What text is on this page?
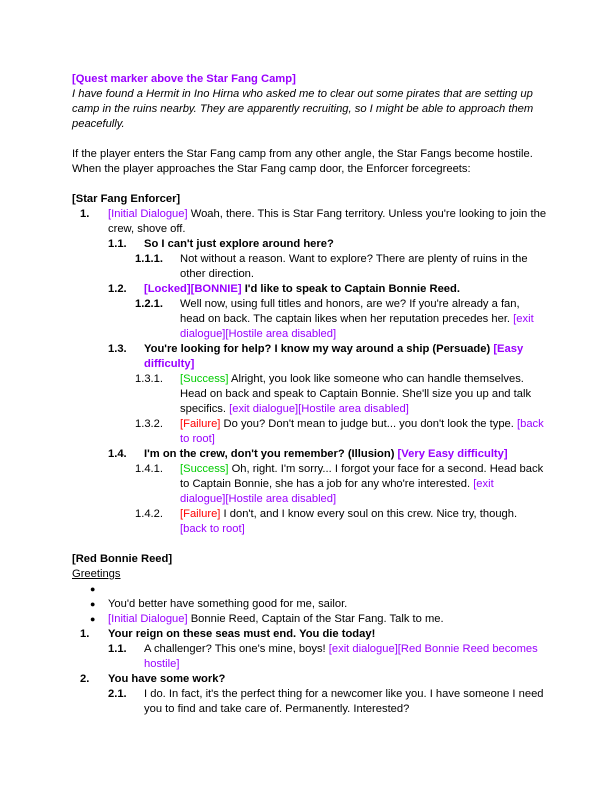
[Quest marker above the Star Fang Camp]
I have found a Hermit in Ino Hirna who asked me to clear out some pirates that are setting up
camp in the ruins nearby. They are apparently recruiting, so I might be able to approach them
peacefully.
If the player enters the Star Fang camp from any other angle, the Star Fangs become hostile.
When the player approaches the Star Fang camp door, the Enforcer forcegreets:
[Star Fang Enforcer]
1. [Initial Dialogue] Woah, there. This is Star Fang territory. Unless you're looking to join the
crew, shove off.
1.1. So I can't just explore around here?
1.1.1. Not without a reason. Want to explore? There are plenty of ruins in the
other direction.
1.2. [Locked][BONNIE] I'd like to speak to Captain Bonnie Reed.
1.2.1. Well now, using full titles and honors, are we? If you're already a fan,
head on back. The captain likes when her reputation precedes her. [exit
dialogue][Hostile area disabled]
1.3. You're looking for help? I know my way around a ship (Persuade) [Easy
difficulty]
1.3.1. [Success] Alright, you look like someone who can handle themselves.
Head on back and speak to Captain Bonnie. She'll size you up and talk
specifics. [exit dialogue][Hostile area disabled]
1.3.2. [Failure] Do you? Don't mean to judge but... you don't look the type. [back
to root]
1.4. I'm on the crew, don't you remember? (Illusion) [Very Easy difficulty]
1.4.1. [Success] Oh, right. I'm sorry... I forgot your face for a second. Head back
to Captain Bonnie, she has a job for any who're interested. [exit
dialogue][Hostile area disabled]
1.4.2. [Failure] I don't, and I know every soul on this crew. Nice try, though.
[back to root]
[Red Bonnie Reed]
Greetings
●
● You'd better have something good for me, sailor.
● [Initial Dialogue] Bonnie Reed, Captain of the Star Fang. Talk to me.
1. Your reign on these seas must end. You die today!
1.1. A challenger? This one's mine, boys! [exit dialogue][Red Bonnie Reed becomes
hostile]
2. You have some work?
2.1. I do. In fact, it's the perfect thing for a newcomer like you. I have someone I need
you to find and take care of. Permanently. Interested?
